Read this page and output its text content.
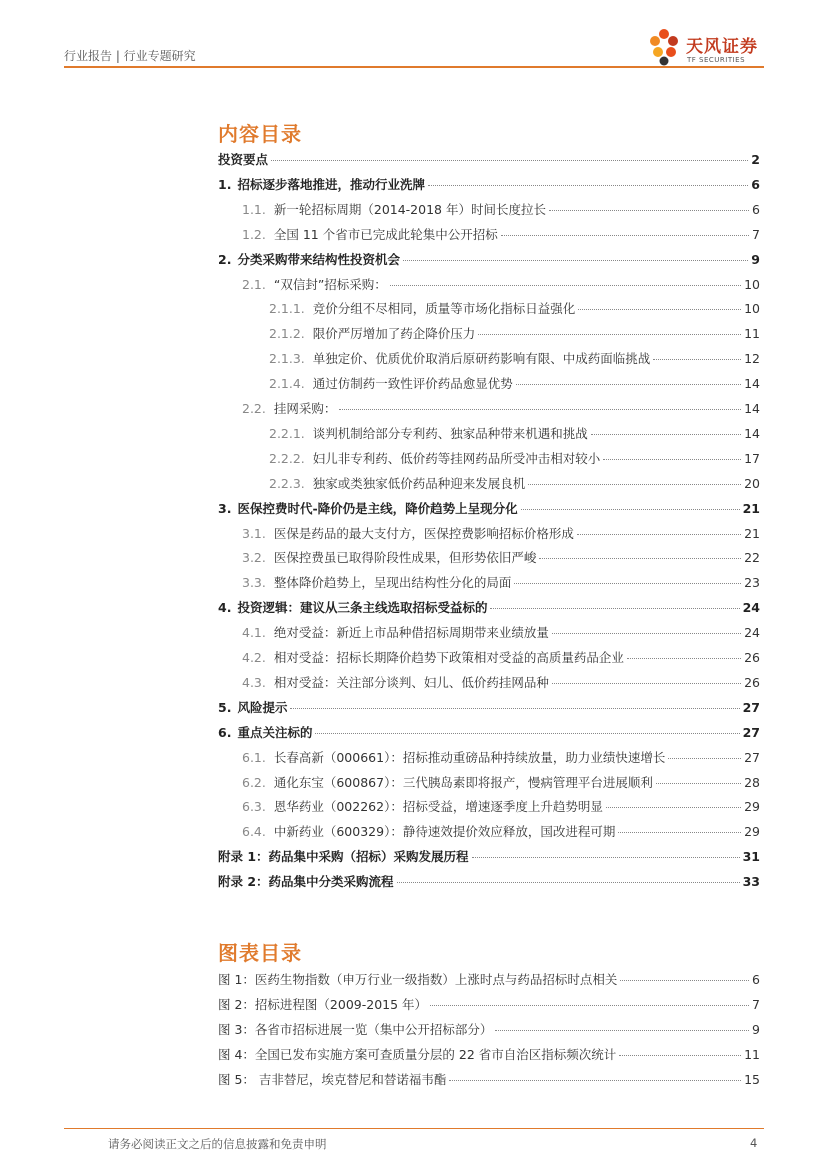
行业报告 | 行业专题研究	天风证券
TF SECURITIES
内容目录
投资要点	2
1. 招标逐步落地推进，推动行业洗牌	6
1.1. 新一轮招标周期（2014-2018 年）时间长度拉长	6
1.2. 全国 11 个省市已完成此轮集中公开招标	7
2. 分类采购带来结构性投资机会	9
2.1. “双信封”招标采购：	10
2.1.1. 竞价分组不尽相同，质量等市场化指标日益强化	10
2.1.2. 限价严厉增加了药企降价压力	11
2.1.3. 单独定价、优质优价取消后原研药影响有限、中成药面临挑战	12
2.1.4. 通过仿制药一致性评价药品愈显优势	14
2.2. 挂网采购：	14
2.2.1. 谈判机制给部分专利药、独家品种带来机遇和挑战	14
2.2.2. 妇儿非专利药、低价药等挂网药品所受冲击相对较小	17
2.2.3. 独家或类独家低价药品种迎来发展良机	20
3. 医保控费时代-降价仍是主线，降价趋势上呈现分化	21
3.1. 医保是药品的最大支付方，医保控费影响招标价格形成	21
3.2. 医保控费虽已取得阶段性成果，但形势依旧严峻	22
3.3. 整体降价趋势上，呈现出结构性分化的局面	23
4. 投资逻辑：建议从三条主线选取招标受益标的	24
4.1. 绝对受益：新近上市品种借招标周期带来业绩放量	24
4.2. 相对受益：招标长期降价趋势下政策相对受益的高质量药品企业	26
4.3. 相对受益：关注部分谈判、妇儿、低价药挂网品种	26
5. 风险提示	27
6. 重点关注标的	27
6.1. 长春高新（000661）：招标推动重磅品种持续放量，助力业绩快速增长	27
6.2. 通化东宝（600867）：三代胰岛素即将报产，慢病管理平台进展顺利	28
6.3. 恩华药业（002262）：招标受益，增速逐季度上升趋势明显	29
6.4. 中新药业（600329）：静待速效提价效应释放，国改进程可期	29
附录 1：药品集中采购（招标）采购发展历程	31
附录 2：药品集中分类采购流程	33
图表目录
图 1：医药生物指数（申万行业一级指数）上涨时点与药品招标时点相关	6
图 2：招标进程图（2009-2015 年）	7
图 3：各省市招标进展一览（集中公开招标部分）	9
图 4：全国已发布实施方案可查质量分层的 22 省市自治区指标频次统计	11
图 5： 吉非替尼，埃克替尼和替诺福韦酯	15
请务必阅读正文之后的信息披露和免责申明	4
